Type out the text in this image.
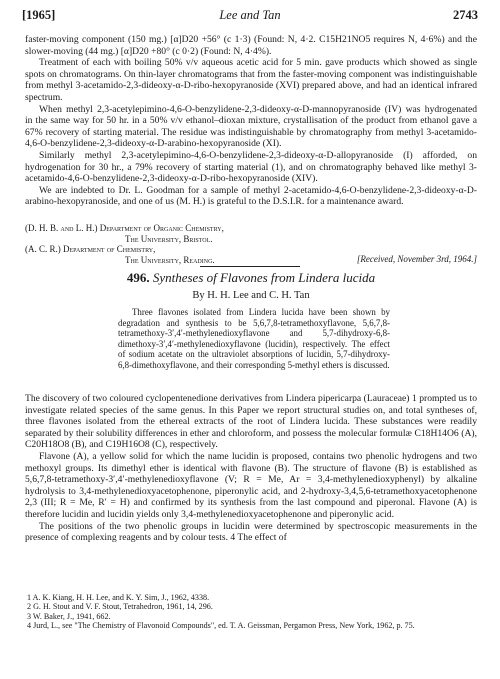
[1965]	Lee and Tan	2743

faster-moving component (150 mg.) [α]D20 +56° (c 1·3) (Found: N, 4·2. C15H21NO5 requires N, 4·6%) and the slower-moving (44 mg.) [α]D20 +80° (c 0·2) (Found: N, 4·4%).

Treatment of each with boiling 50% v/v aqueous acetic acid for 5 min. gave products which showed as single spots on chromatograms. On thin-layer chromatograms that from the faster-moving component was indistinguishable from methyl 3-acetamido-2,3-dideoxy-α-D-ribo-hexopyranoside (XVI) prepared above, and had an identical infrared spectrum.

When methyl 2,3-acetylepimino-4,6-O-benzylidene-2,3-dideoxy-α-D-mannopyranoside (IV) was hydrogenated in the same way for 50 hr. in a 50% v/v ethanol–dioxan mixture, crystallisation of the product from ethanol gave a 67% recovery of starting material. The residue was indistinguishable by chromatography from methyl 3-acetamido-4,6-O-benzylidene-2,3-dideoxy-α-D-arabino-hexopyranoside (XI).

Similarly methyl 2,3-acetylepimino-4,6-O-benzylidene-2,3-dideoxy-α-D-allopyranoside (I) afforded, on hydrogenation for 30 hr., a 79% recovery of starting material (1), and on chromatography behaved like methyl 3-acetamido-4,6-O-benzylidene-2,3-dideoxy-α-D-ribo-hexopyranoside (XIV).

We are indebted to Dr. L. Goodman for a sample of methyl 2-acetamido-4,6-O-benzylidene-2,3-dideoxy-α-D-arabino-hexopyranoside, and one of us (M. H.) is grateful to the D.S.I.R. for a maintenance award.

(D. H. B. and L. H.) Department of Organic Chemistry,
The University, Bristol.
(A. C. R.) Department of Chemistry,
The University, Reading.	[Received, November 3rd, 1964.]
496. Syntheses of Flavones from Lindera lucida
By H. H. Lee and C. H. Tan
Three flavones isolated from Lindera lucida have been shown by degradation and synthesis to be 5,6,7,8-tetramethoxyflavone, 5,6,7,8-tetramethoxy-3′,4′-methylenedioxyflavone and 5,7-dihydroxy-6,8-dimethoxy-3′,4′-methylenedioxyflavone (lucidin), respectively. The effect of sodium acetate on the ultraviolet absorptions of lucidin, 5,7-dihydroxy-6,8-dimethoxyflavone, and their corresponding 5-methyl ethers is discussed.

The discovery of two coloured cyclopentenedione derivatives from Lindera pipericarpa (Lauraceae) 1 prompted us to investigate related species of the same genus. In this Paper we report structural studies on, and total syntheses of, three flavones isolated from the ethereal extracts of the root of Lindera lucida. These substances were readily separated by their solubility differences in ether and chloroform, and possess the molecular formulæ C18H14O6 (A), C20H18O8 (B), and C19H16O8 (C), respectively.

Flavone (A), a yellow solid for which the name lucidin is proposed, contains two phenolic hydrogens and two methoxyl groups. Its dimethyl ether is identical with flavone (B). The structure of flavone (B) is established as 5,6,7,8-tetramethoxy-3′,4′-methylenedioxyflavone (V; R = Me, Ar = 3,4-methylenedioxyphenyl) by alkaline hydrolysis to 3,4-methylenedioxyacetophenone, piperonylic acid, and 2-hydroxy-3,4,5,6-tetramethoxyacetophenone 2,3 (III; R = Me, R′ = H) and confirmed by its synthesis from the last compound and piperonal. Flavone (A) is therefore lucidin and lucidin yields only 3,4-methylenedioxyacetophenone and piperonylic acid.

The positions of the two phenolic groups in lucidin were determined by spectroscopic measurements in the presence of complexing reagents and by colour tests. 4 The effect of

1 A. K. Kiang, H. H. Lee, and K. Y. Sim, J., 1962, 4338.
2 G. H. Stout and V. F. Stout, Tetrahedron, 1961, 14, 296.
3 W. Baker, J., 1941, 662.
4 Jurd, L., see "The Chemistry of Flavonoid Compounds", ed. T. A. Geissman, Pergamon Press, New York, 1962, p. 75.
